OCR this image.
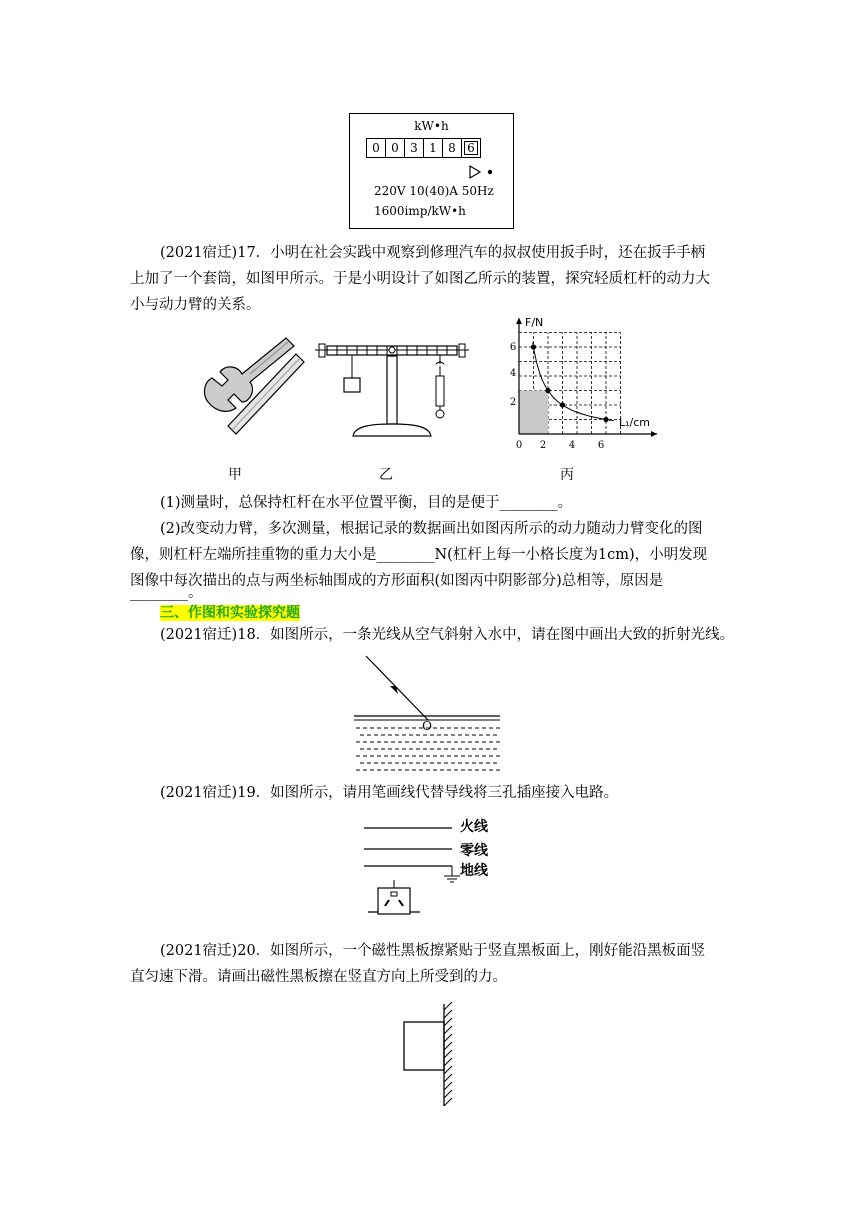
kW•h
0 0 3 1 8 6
220V 10(40)A 50Hz
1600imp/kW•h
(2021宿迁)17．小明在社会实践中观察到修理汽车的叔叔使用扳手时，还在扳手手柄
上加了一个套筒，如图甲所示。于是小明设计了如图乙所示的装置，探究轻质杠杆的动力大
小与动力臂的关系。
F/N
L₁/cm
4
2
6
0 2 4 6
甲	乙	丙
(1)测量时，总保持杠杆在水平位置平衡，目的是便于________。
(2)改变动力臂，多次测量，根据记录的数据画出如图丙所示的动力随动力臂变化的图
像，则杠杆左端所挂重物的重力大小是________N(杠杆上每一小格长度为1cm)，小明发现
图像中每次描出的点与两坐标轴围成的方形面积(如图丙中阴影部分)总相等，原因是
________。
三、作图和实验探究题
(2021宿迁)18．如图所示，一条光线从空气斜射入水中，请在图中画出大致的折射光线。
O
(2021宿迁)19．如图所示，请用笔画线代替导线将三孔插座接入电路。
火线
零线
地线
(2021宿迁)20．如图所示，一个磁性黑板擦紧贴于竖直黑板面上，刚好能沿黑板面竖
直匀速下滑。请画出磁性黑板擦在竖直方向上所受到的力。
